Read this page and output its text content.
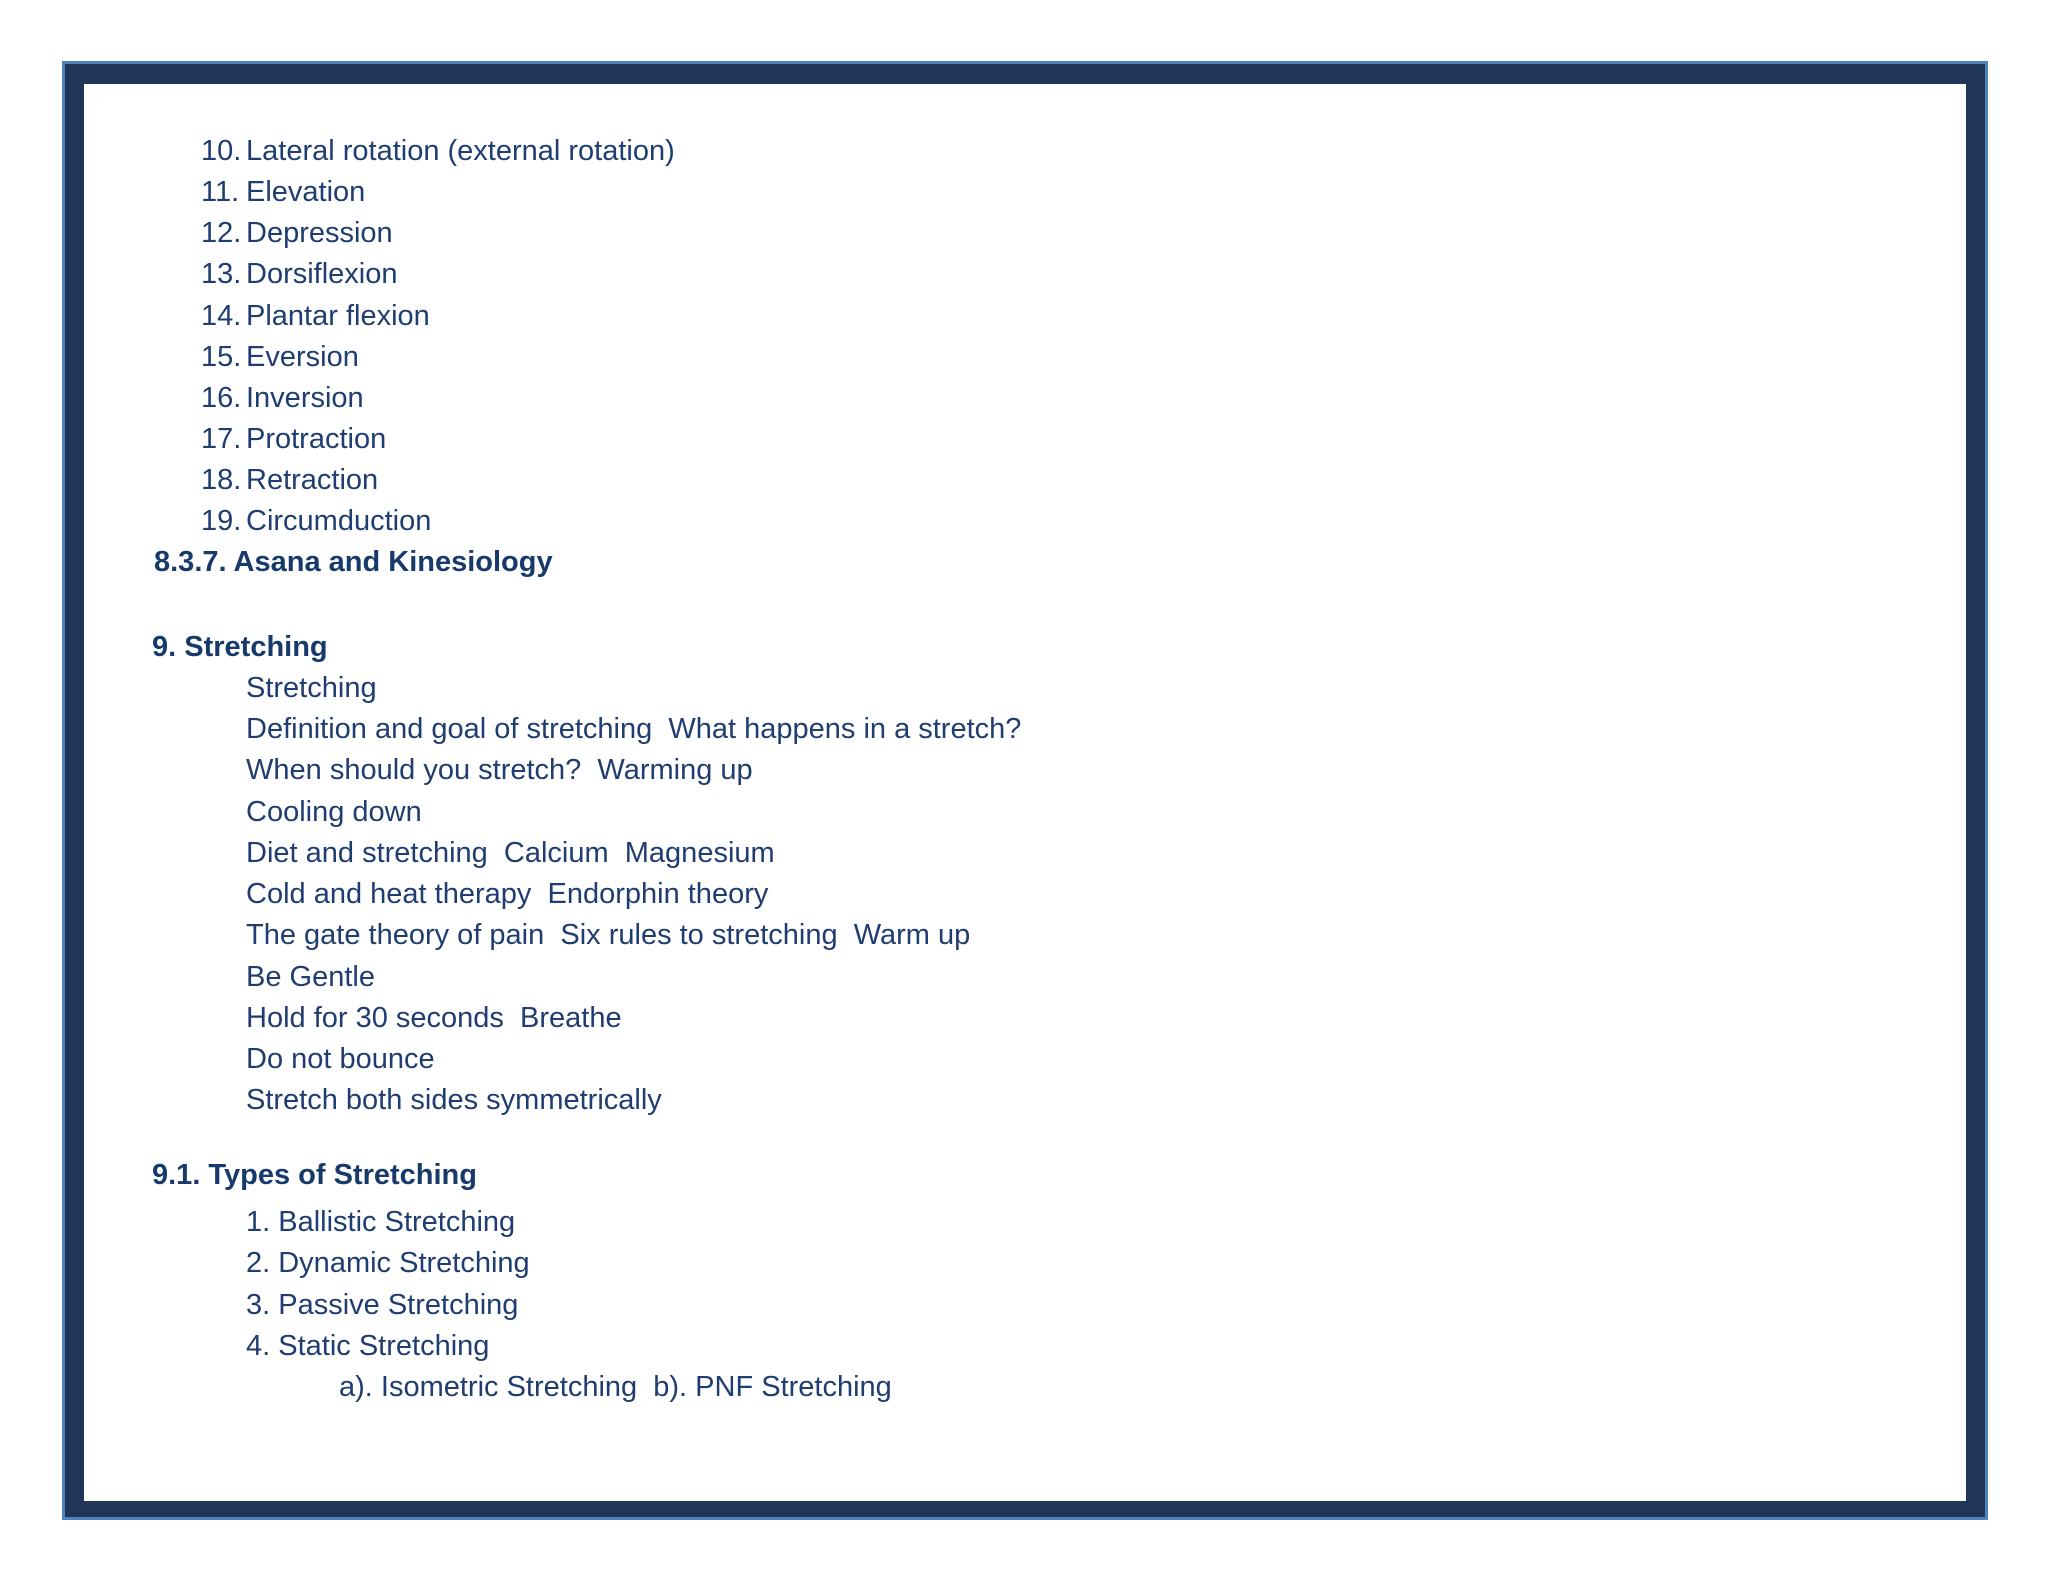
10. Lateral rotation (external rotation)
11. Elevation
12. Depression
13. Dorsiflexion
14. Plantar flexion
15. Eversion
16. Inversion
17. Protraction
18. Retraction
19. Circumduction
8.3.7. Asana and Kinesiology
9. Stretching
Stretching
Definition and goal of stretching  What happens in a stretch?
When should you stretch?  Warming up
Cooling down
Diet and stretching  Calcium  Magnesium
Cold and heat therapy  Endorphin theory
The gate theory of pain  Six rules to stretching  Warm up
Be Gentle
Hold for 30 seconds  Breathe
Do not bounce
Stretch both sides symmetrically
9.1. Types of Stretching
1. Ballistic Stretching
2. Dynamic Stretching
3. Passive Stretching
4. Static Stretching
a). Isometric Stretching  b). PNF Stretching
